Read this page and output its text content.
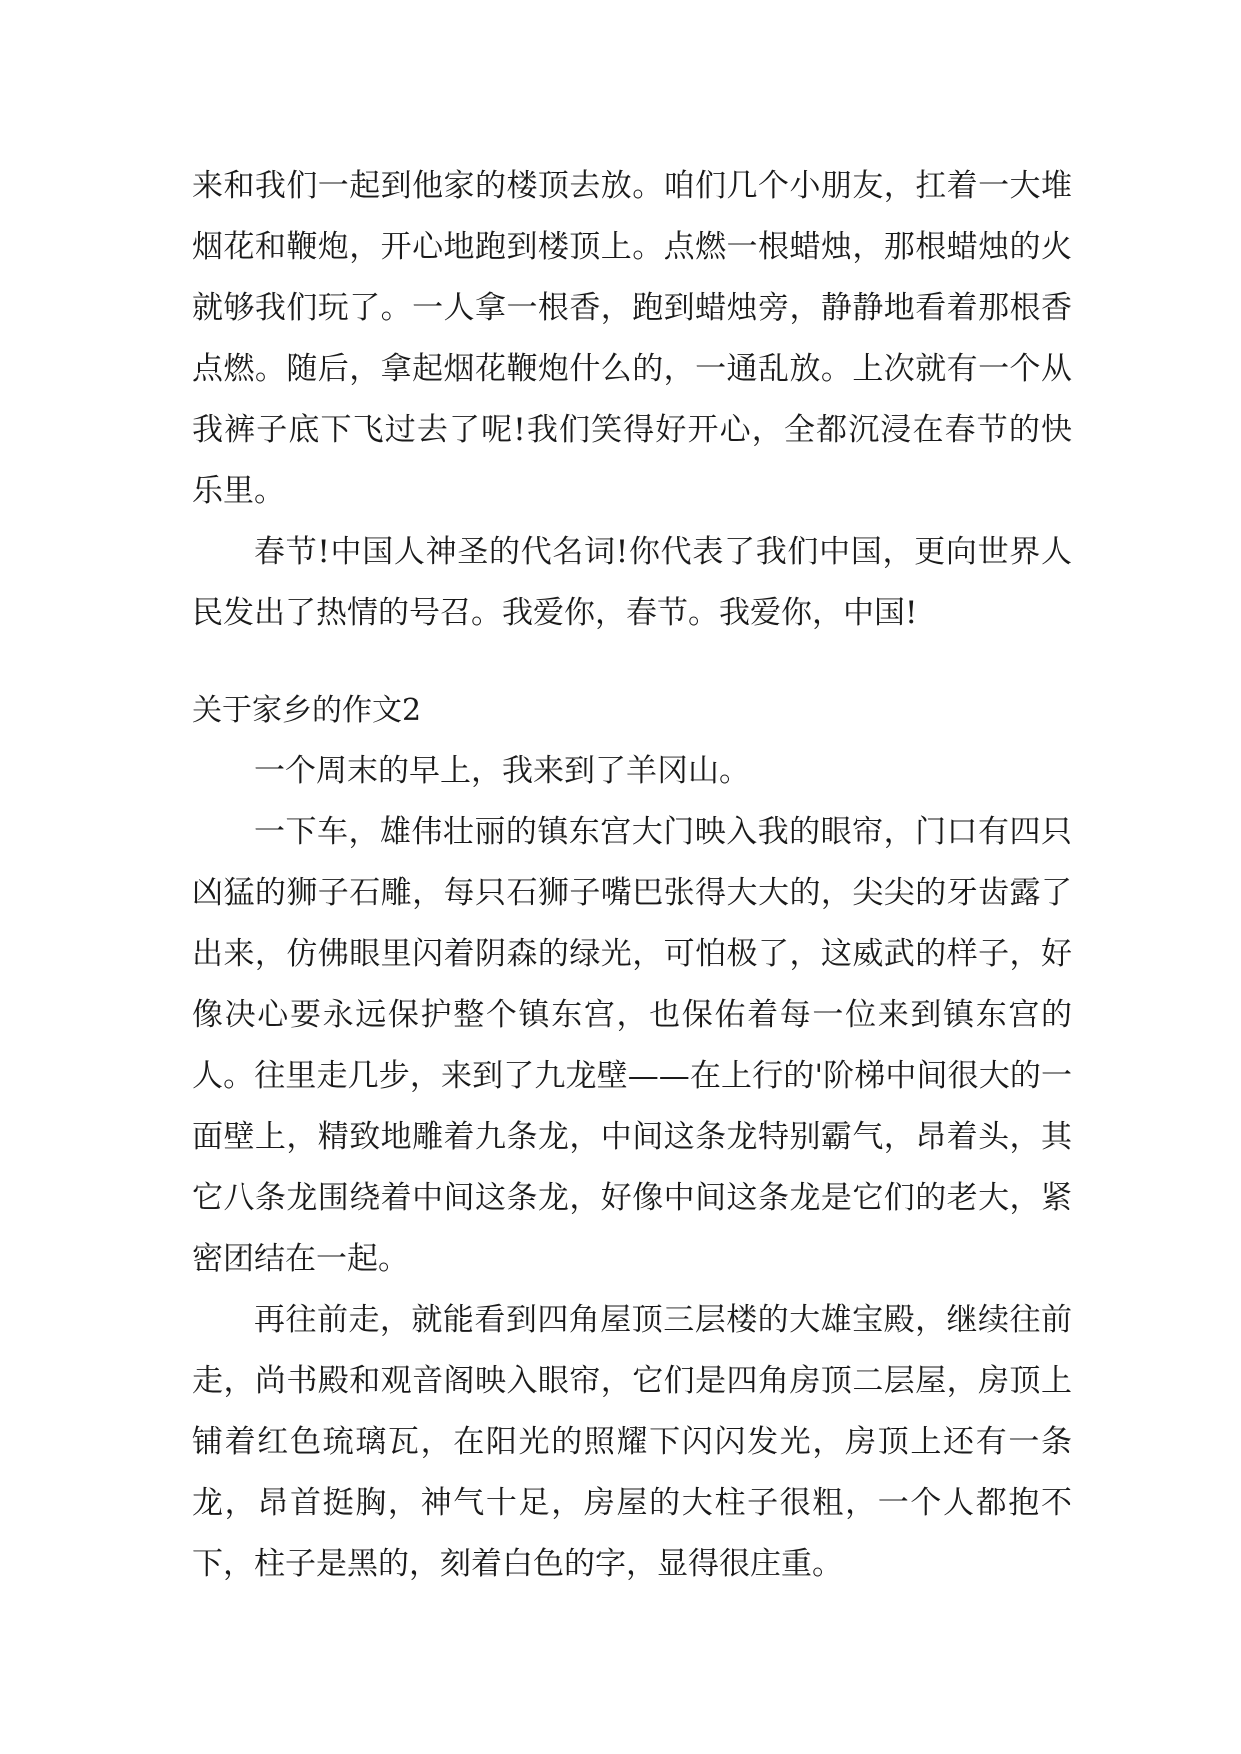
来和我们一起到他家的楼顶去放。咱们几个小朋友，扛着一大堆烟花和鞭炮，开心地跑到楼顶上。点燃一根蜡烛，那根蜡烛的火就够我们玩了。一人拿一根香，跑到蜡烛旁，静静地看着那根香点燃。随后，拿起烟花鞭炮什么的，一通乱放。上次就有一个从我裤子底下飞过去了呢!我们笑得好开心，全都沉浸在春节的快乐里。

春节!中国人神圣的代名词!你代表了我们中国，更向世界人民发出了热情的号召。我爱你，春节。我爱你，中国!

关于家乡的作文2

一个周末的早上，我来到了羊冈山。

一下车，雄伟壮丽的镇东宫大门映入我的眼帘，门口有四只凶猛的狮子石雕，每只石狮子嘴巴张得大大的，尖尖的牙齿露了出来，仿佛眼里闪着阴森的绿光，可怕极了，这威武的样子，好像决心要永远保护整个镇东宫，也保佑着每一位来到镇东宫的人。往里走几步，来到了九龙壁——在上行的'阶梯中间很大的一面壁上，精致地雕着九条龙，中间这条龙特别霸气，昂着头，其它八条龙围绕着中间这条龙，好像中间这条龙是它们的老大，紧密团结在一起。

再往前走，就能看到四角屋顶三层楼的大雄宝殿，继续往前走，尚书殿和观音阁映入眼帘，它们是四角房顶二层屋，房顶上铺着红色琉璃瓦，在阳光的照耀下闪闪发光，房顶上还有一条龙，昂首挺胸，神气十足，房屋的大柱子很粗，一个人都抱不下，柱子是黑的，刻着白色的字，显得很庄重。
